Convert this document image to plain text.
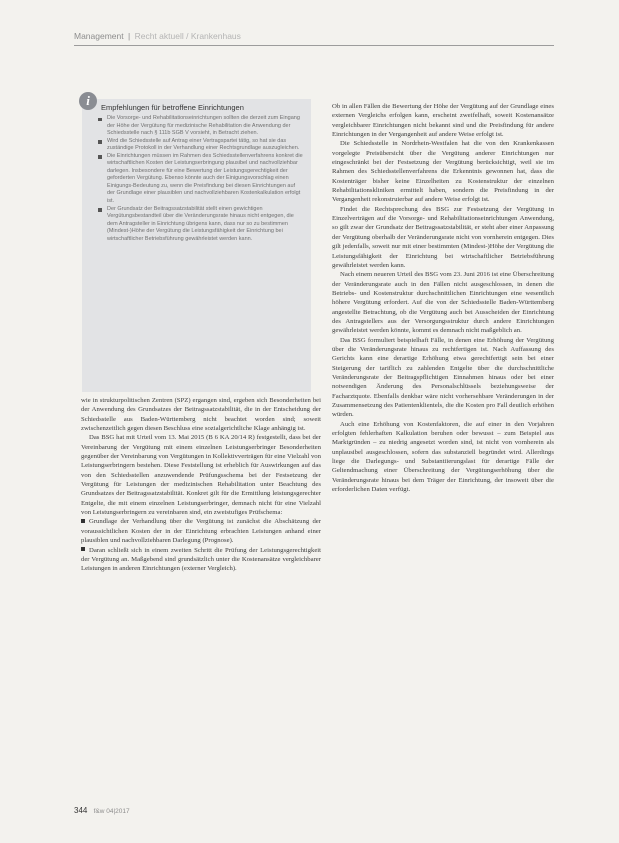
Management | Recht aktuell / Krankenhaus
i	Empfehlungen für betroffene Einrichtungen
Die Vorsorge- und Rehabilitationseinrichtungen sollten die derzeit zum Eingang der Höhe der Vergütung für medizinische Rehabilitation die Anwendung der Schiedsstelle nach § 111b SGB V vorsieht, in Betracht ziehen.
Wird die Schiedsstelle auf Antrag einer Vertragspartei tätig, so hat sie das zuständige Protokoll in der Verhandlung einer Rechtsgrundlage auszugleichen.
Die Einrichtungen müssen im Rahmen des Schiedsstellenverfahrens konkret die wirtschaftlichen Kosten der Leistungserbringung plausibel und nachvollziehbar darlegen. Insbesondere für eine Bewertung der Leistungsgerechtigkeit der geforderten Vergütung. Ebenso könnte auch der Einigungsvorschlag einen Einigungs-Bedeutung zu, wenn die Preisfindung bei diesen Einrichtungen auf der Grundlage einer plausiblen und nachvollziehbaren Kostenkalkulation erfolgt ist.
Der Grundsatz der Beitragssatzstabilität stellt einen gewichtigen Vergütungsbestandteil über die Veränderungsrate hinaus nicht entgegen, die dem Antragsteller in Einrichtung übrigens kann, dass nur so zu bestimmen (Mindest-)Höhe der Vergütung die Leistungsfähigkeit der Einrichtung bei wirtschaftlicher Betriebsführung gewährleistet werden kann.

wie in strukturpolitischen Zentren (SPZ) ergangen sind, ergeben sich Besonderheiten bei der Anwendung des Grundsatzes der Beitragssatzstabilität, die in der Entscheidung der Schiedsstelle aus Baden-Württemberg nicht beachtet worden sind; soweit zwischenzeitlich gegen diesen Beschluss eine sozialgerichtliche Klage anhängig ist.

Das BSG hat mit Urteil vom 13. Mai 2015 (B 6 KA 20/14 R) festgestellt, dass bei der Vereinbarung der Vergütung mit einem einzelnen Leistungserbringer Besonderheiten gegenüber der Vereinbarung von Vergütungen in Kollektivverträgen für eine Vielzahl von Leistungserbringern bestehen. Diese Feststellung ist erheblich für Auswirkungen auf das von den Schiedsstellen anzuwendende Prüfungsschema bei der Festsetzung der Vergütung für Leistungen der medizinischen Rehabilitation unter Beachtung des Grundsatzes der Beitragssatzstabilität. Konkret gilt für die Ermittlung leistungsgerechter Entgelte, die mit einem einzelnen Leistungserbringer, demnach nicht für eine Vielzahl von Leistungserbringern zu vereinbaren sind, ein zweistufiges Prüfschema:

Grundlage der Verhandlung über die Vergütung ist zunächst die Abschätzung der voraussichtlichen Kosten der in der Einrichtung erbrachten Leistungen anhand einer plausiblen und nachvollziehbaren Darlegung (Prognose).

Daran schließt sich in einem zweiten Schritt die Prüfung der Leistungsgerechtigkeit der Vergütung an. Maßgebend sind grundsätzlich unter die Kostenansätze vergleichbarer Leistungen in anderen Einrichtungen (externer Vergleich).

Ob in allen Fällen die Bewertung der Höhe der Vergütung auf der Grundlage eines externen Vergleichs erfolgen kann, erscheint zweifelhaft, soweit Kostenansätze vergleichbarer Einrichtungen nicht bekannt sind und die Preisfindung für andere Einrichtungen in der Vergangenheit auf andere Weise erfolgt ist.

Die Schiedsstelle in Nordrhein-Westfalen hat die von den Krankenkassen vorgelegte Preisübersicht über die Vergütung anderer Einrichtungen nur eingeschränkt bei der Festsetzung der Vergütung berücksichtigt, weil sie im Rahmen des Schiedsstellenverfahrens die Erkenntnis gewonnen hat, dass die Kostenträger bisher keine Einzelheiten zu Kostenstruktur der einzelnen Rehabilitationskliniken ermittelt haben, sondern die Preisfindung in der Vergangenheit rekonstruierbar auf andere Weise erfolgt ist.

Findet die Rechtsprechung des BSG zur Festsetzung der Vergütung in Einzelverträgen auf die Vorsorge- und Rehabilitationseinrichtungen Anwendung, so gilt zwar der Grundsatz der Beitragssatzstabilität, er steht aber einer Anpassung der Vergütung oberhalb der Veränderungsrate nicht von vornherein entgegen. Dies gilt jedenfalls, soweit nur mit einer bestimmten (Mindest-)Höhe der Vergütung die Leistungsfähigkeit der Einrichtung bei wirtschaftlicher Betriebsführung gewährleistet werden kann.

Nach einem neueren Urteil des BSG vom 23. Juni 2016 ist eine Überschreitung der Veränderungsrate auch in den Fällen nicht ausgeschlossen, in denen die Betriebs- und Kostenstruktur durchschnittlichen Einrichtungen eine wesentlich höhere Vergütung erfordert. Auf die von der Schiedsstelle Baden-Württemberg angestellte Betrachtung, ob die Vergütung auch bei Ausscheiden der Einrichtung des Antragstellers aus der Versorgungsstruktur durch andere Einrichtungen gewährleistet werden könnte, kommt es demnach nicht maßgeblich an.

Das BSG formuliert beispielhaft Fälle, in denen eine Erhöhung der Vergütung über die Veränderungsrate hinaus zu rechtfertigen ist. Nach Auffassung des Gerichts kann eine derartige Erhöhung etwa gerechtfertigt sein bei einer Steigerung der tariflich zu zahlenden Entgelte über die durchschnittliche Veränderungsrate der Beitragspflichtigen Einnahmen hinaus oder bei einer notwendigen Änderung des Personalschlüssels beziehungsweise der Facharztquote. Ebenfalls denkbar wäre nicht vorhersehbare Veränderungen in der Zusammensetzung des Patientenklientels, die die Kosten pro Fall deutlich erhöhen würden.

Auch eine Erhöhung von Kostenfaktoren, die auf einer in den Vorjahren erfolgten fehlerhaften Kalkulation beruhen oder bewusst – zum Beispiel aus Marktgründen – zu niedrig angesetzt worden sind, ist nicht von vornherein als unplausibel ausgeschlossen, sofern das substanziell begründet wird. Allerdings liege die Darlegungs- und Substantiierungslast für derartige Fälle der Geltendmachung einer Überschreitung der Vergütungserhöhung über die Veränderungsrate hinaus bei dem Träger der Einrichtung, der insoweit über die erforderlichen Daten verfügt.

344 f&w 04|2017
